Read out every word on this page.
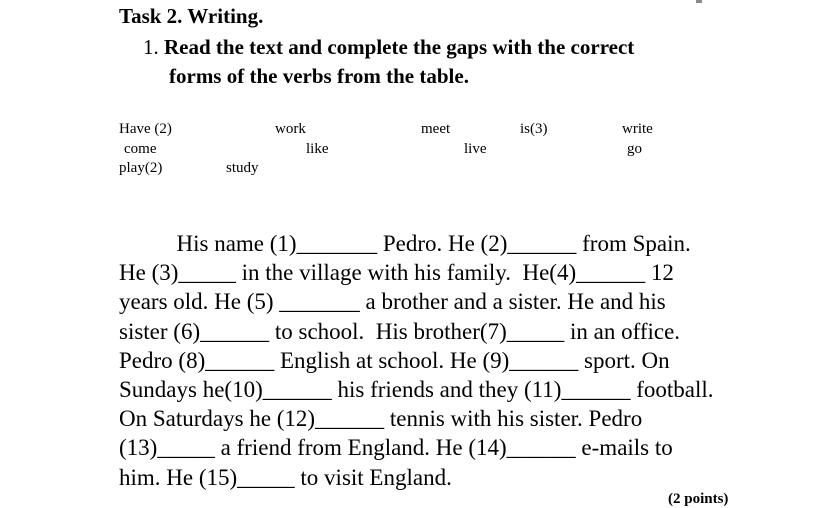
Task 2. Writing.
1. Read the text and complete the gaps with the correct
forms of the verbs from the table.
Have (2)	work	meet	is(3)	write
come	like	live	go
play(2)	study
His name (1)_______ Pedro. He (2)______ from Spain.
He (3)_____ in the village with his family.  He(4)______ 12
years old. He (5) _______ a brother and a sister. He and his
sister (6)______ to school.  His brother(7)_____ in an office.
Pedro (8)______ English at school. He (9)______ sport. On
Sundays he(10)______ his friends and they (11)______ football.
On Saturdays he (12)______ tennis with his sister. Pedro
(13)_____ a friend from England. He (14)______ e-mails to
him. He (15)_____ to visit England.
(2 points)
